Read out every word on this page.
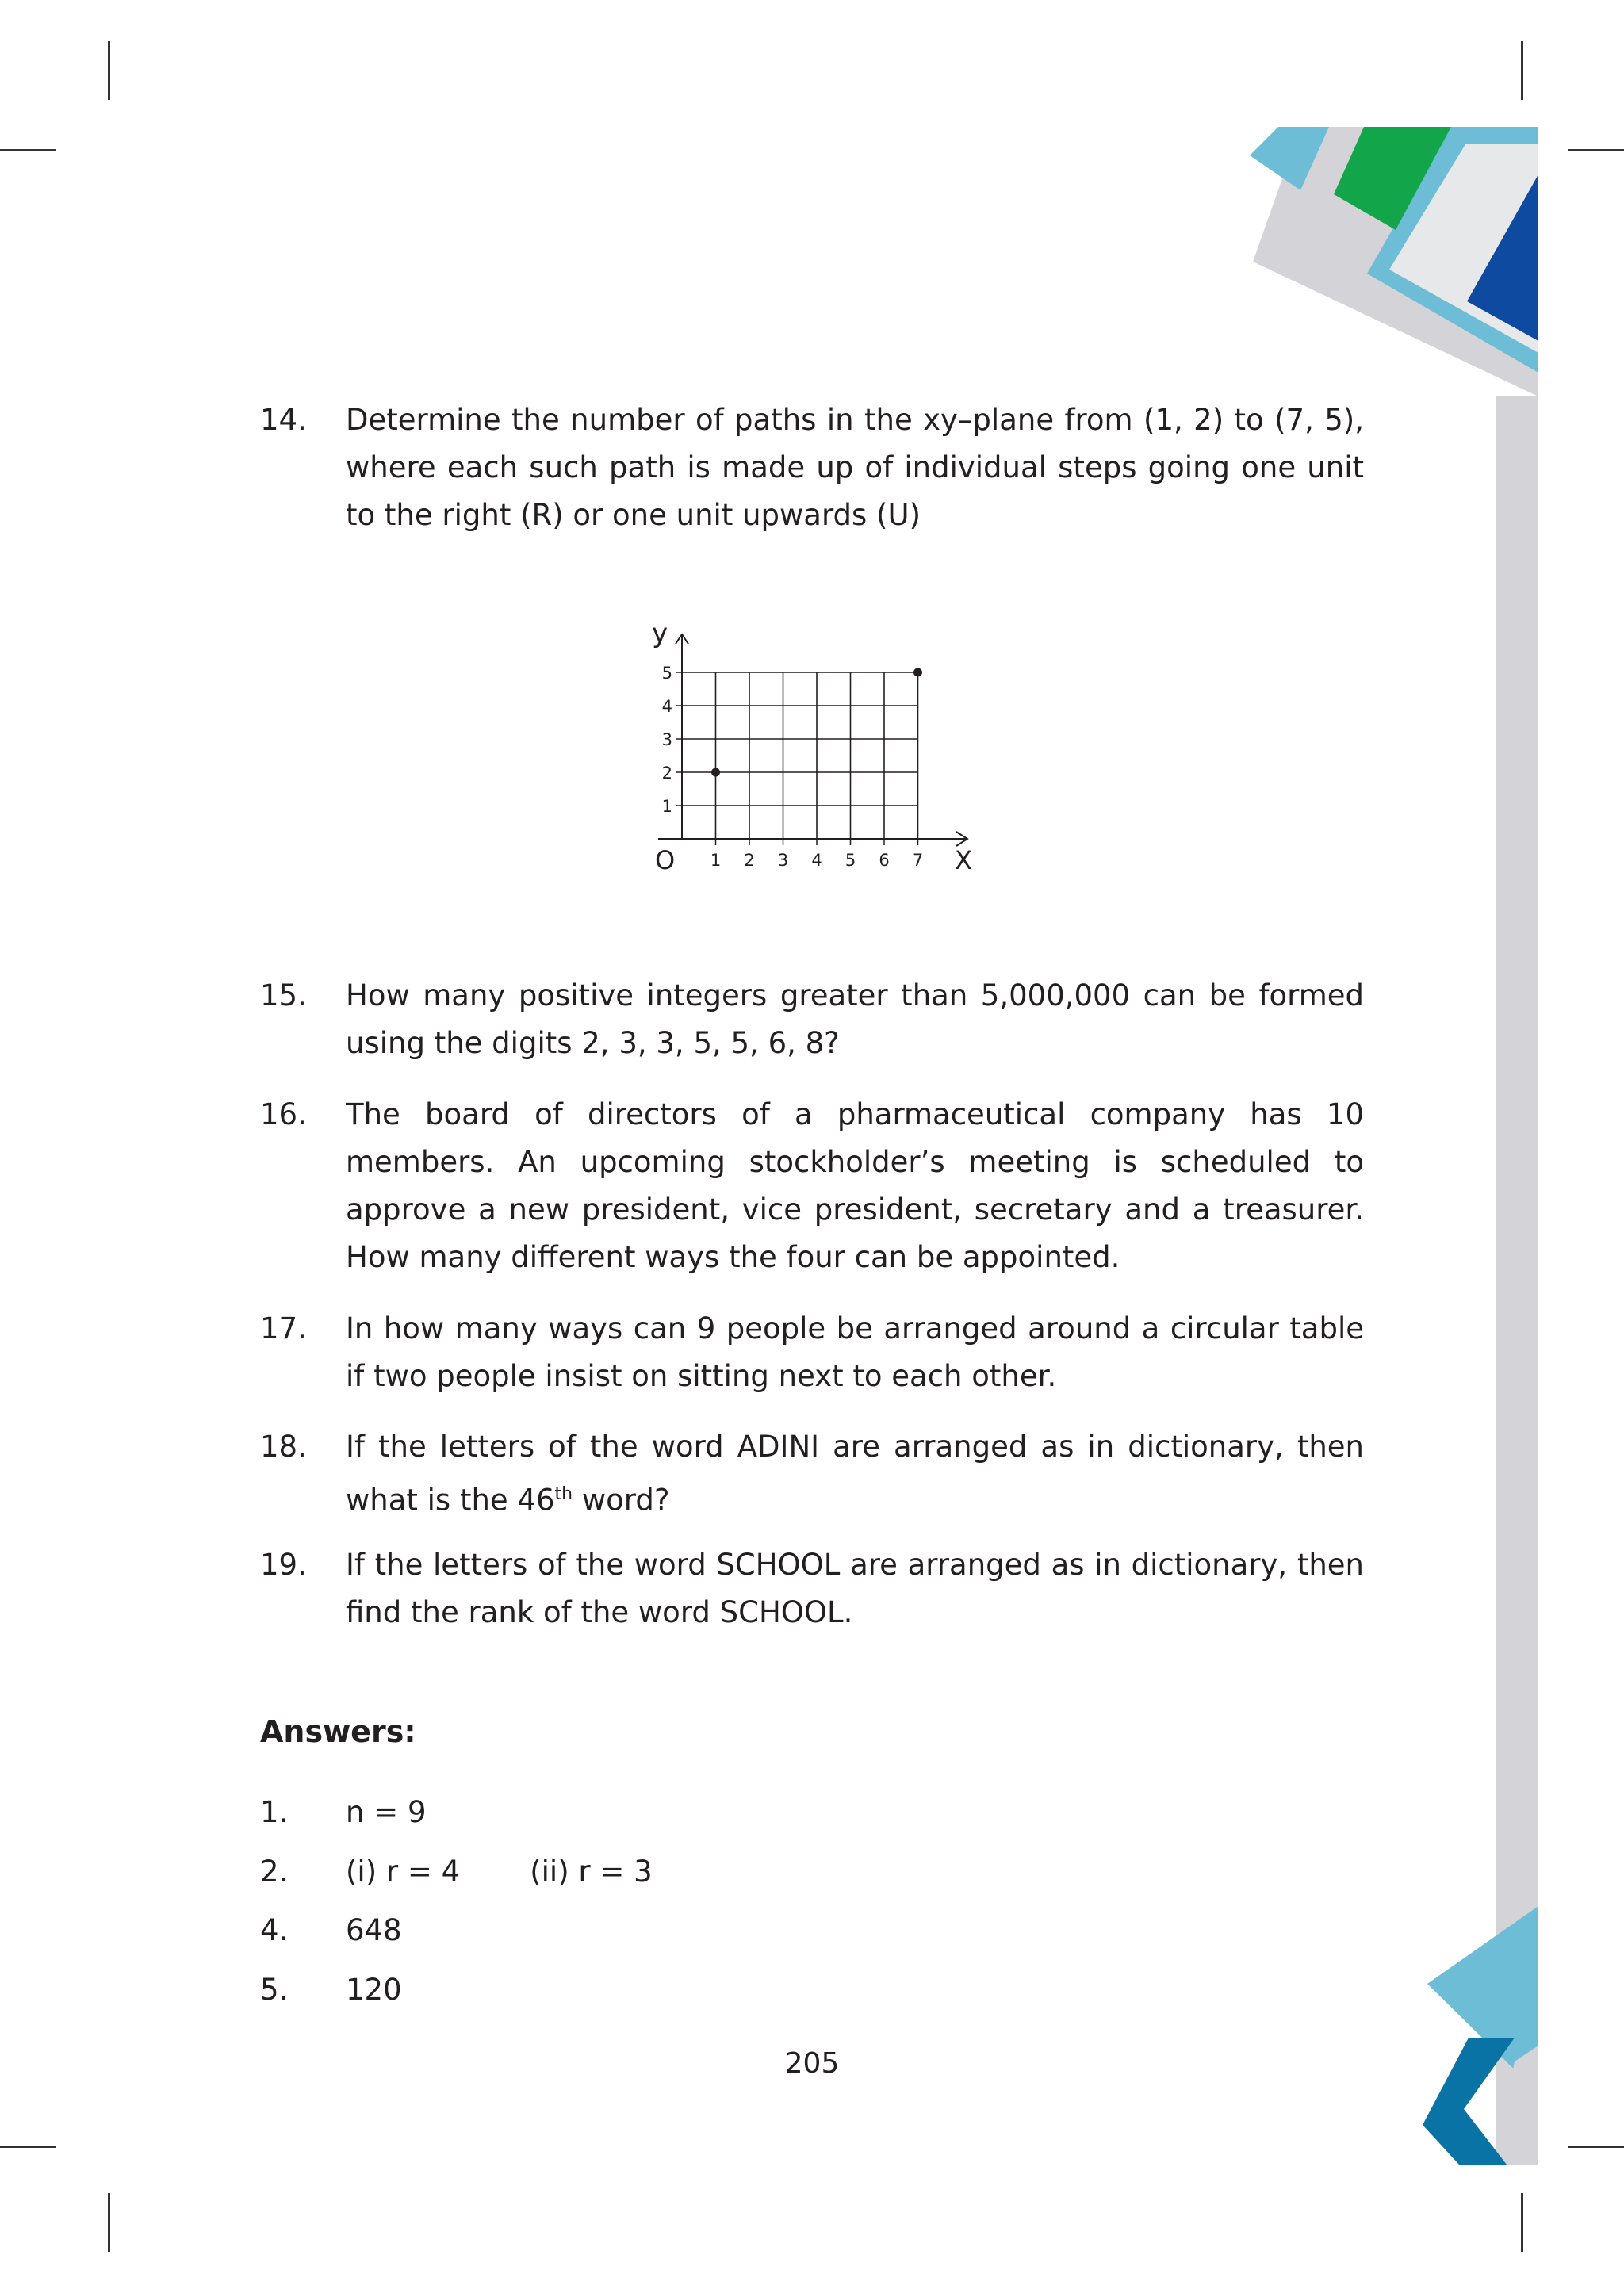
14. Determine the number of paths in the xy–plane from (1, 2) to (7, 5), where each such path is made up of individual steps going one unit to the right (R) or one unit upwards (U)
y
X
O 1 2 3 4 5 6 7
1
2
3
4
5
15. How many positive integers greater than 5,000,000 can be formed using the digits 2, 3, 3, 5, 5, 6, 8?
16. The board of directors of a pharmaceutical company has 10 members. An upcoming stockholder’s meeting is scheduled to approve a new president, vice president, secretary and a treasurer. How many different ways the four can be appointed.
17. In how many ways can 9 people be arranged around a circular table if two people insist on sitting next to each other.
18. If the letters of the word ADINI are arranged as in dictionary, then what is the 46th word?
19. If the letters of the word SCHOOL are arranged as in dictionary, then find the rank of the word SCHOOL.
Answers:
1. n = 9
2. (i) r = 4 (ii) r = 3
4. 648
5. 120
205
